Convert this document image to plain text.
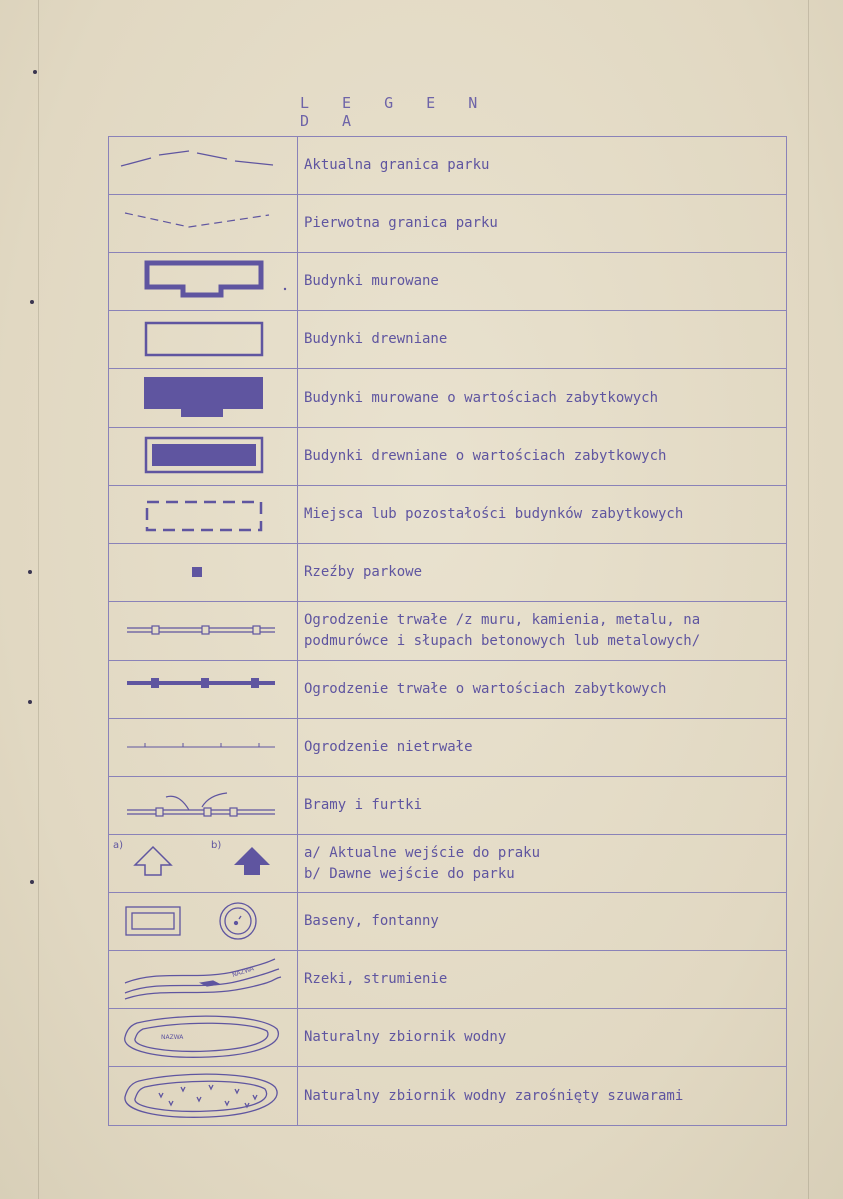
L E G E N D A
	Aktualna granica parku

	Pierwotna granica parku

	Budynki murowane

	Budynki drewniane

	Budynki murowane o wartościach zabytkowych

	Budynki drewniane o wartościach zabytkowych

	Miejsca lub pozostałości budynków zabytkowych

	Rzeźby parkowe

	Ogrodzenie trwałe /z muru, kamienia, metalu, na podmurówce i słupach betonowych lub metalowych/

	Ogrodzenie trwałe o wartościach zabytkowych

	Ogrodzenie nietrwałe

	Bramy i furtki

a) b)	a/ Aktualne wejście do praku
b/ Dawne wejście do parku

	Baseny, fontanny

NAZWA	Rzeki, strumienie

NAZWA	Naturalny zbiornik wodny

	Naturalny zbiornik wodny zarośnięty szuwarami
